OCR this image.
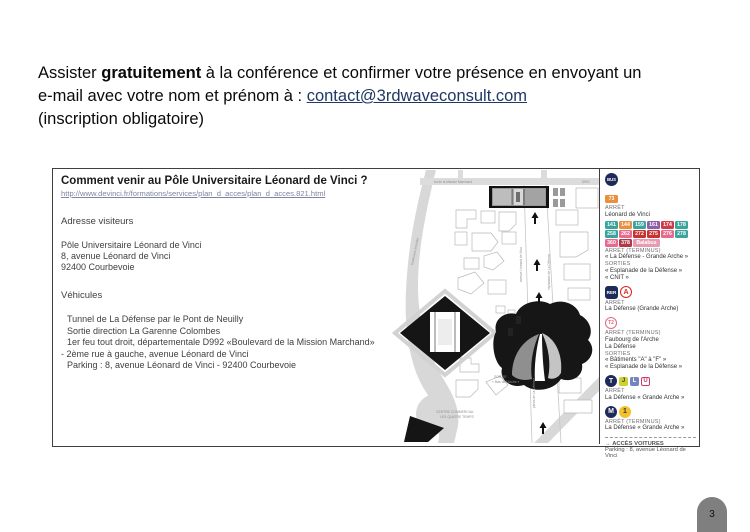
Assister gratuitement à la conférence et confirmer votre présence en envoyant un
e-mail avec votre nom et prénom à : contact@3rdwaveconsult.com
(inscription obligatoire)
Comment venir au Pôle Universitaire Léonard de Vinci ?
http://www.devinci.fr/formations/services/plan_d_acces/plan_d_acces.821.html
Adresse visiteurs
Pôle Universitaire Léonard de Vinci
8, avenue Léonard de Vinci
92400 Courbevoie
Véhicules
Tunnel de La Défense par le Pont de Neuilly
Sortie direction La Garenne Colombes
1er feu tout droit, départementale D992 «Boulevard de la Mission Marchand»
- 2ème rue à gauche, avenue Léonard de Vinci
Parking : 8, avenue Léonard de Vinci - 92400 Courbevoie
bd de la Mission Marchand	D992
avenue Léonard de Vinci	esplanade de La Défense
boulevard circulaire
parvis de La Défense
SORTIE
« Bas de l'Arche »
CENTRE COMMERCIAL
LES QUATRE TEMPS
BUS
73
ARRÊT
Léonard de Vinci
141	144	159	161	174	178
258	262	272	275	276	278
360	378	Balabus
ARRÊT (TERMINUS)
« La Défense - Grande Arche »
SORTIES
« Esplanade de la Défense »
« CNIT »
RER	A
ARRÊT
La Défense (Grande Arche)
T2
ARRÊT (TERMINUS)
Faubourg de l'Arche
La Défense
SORTIES
« Bâtiments "A" à "F" »
« Esplanade de la Défense »
T	J	L	U
ARRÊT
La Défense « Grande Arche »
M	1
ARRÊT (TERMINUS)
La Défense « Grande Arche »
→ ACCÈS VOITURES
Parking : 8, avenue Léonard de Vinci
3
